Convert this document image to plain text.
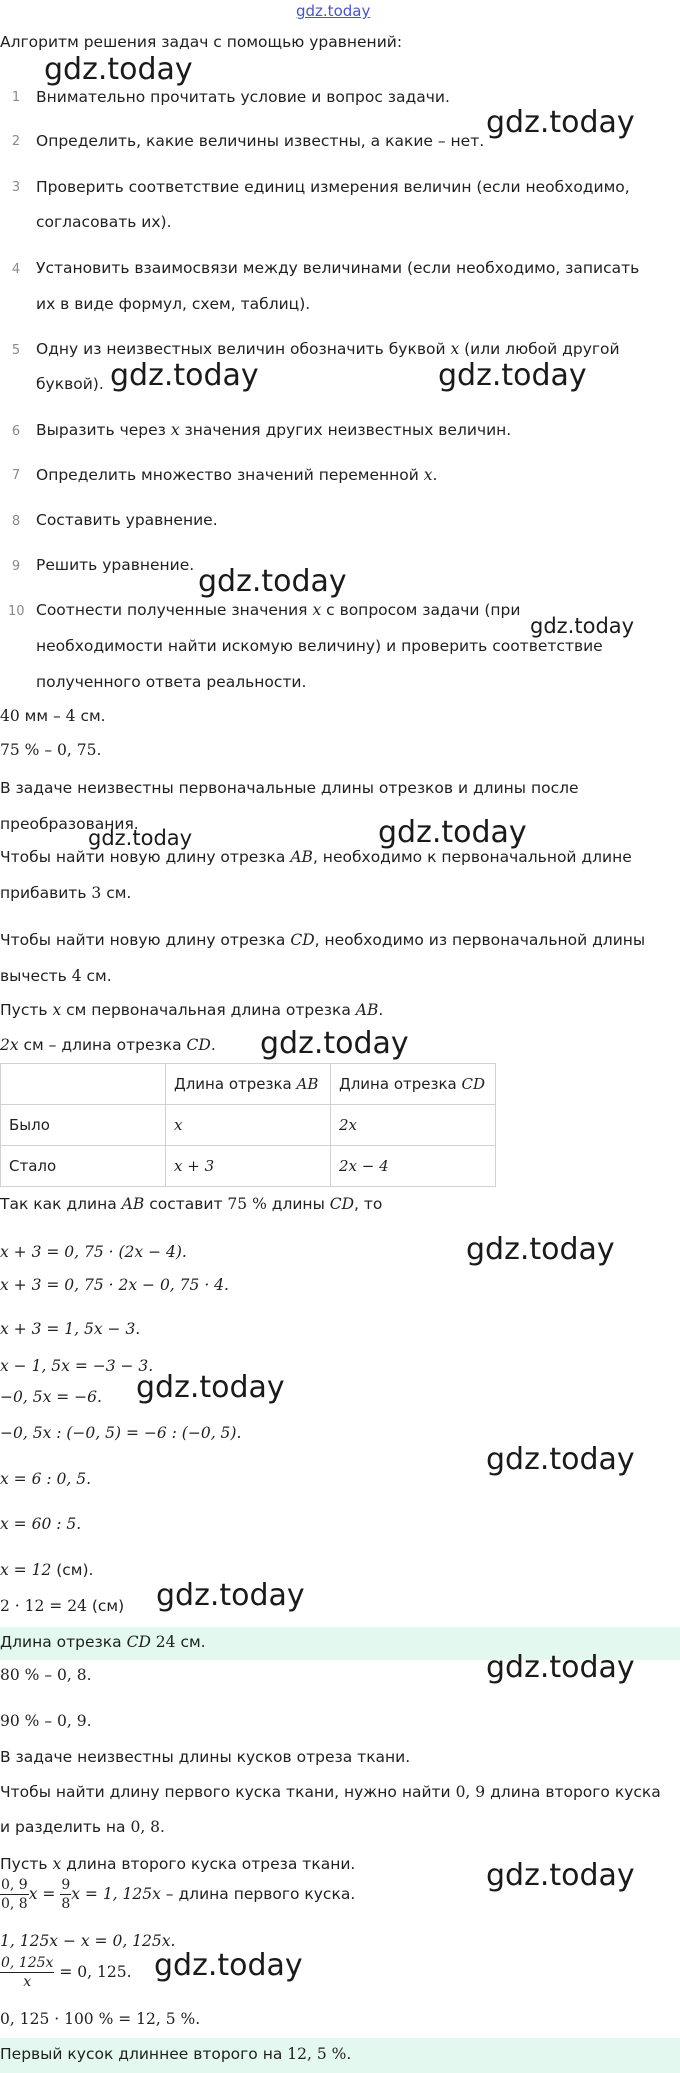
gdz.today
gdz.today
gdz.today
gdz.today	gdz.today
gdz.today
gdz.today
gdz.today	gdz.today
gdz.today
gdz.today
gdz.today
gdz.today
gdz.today
gdz.today
gdz.today
gdz.today
Алгоритм решения задач с помощью уравнений:
1 Внимательно прочитать условие и вопрос задачи.
2 Определить, какие величины известны, а какие – нет.
3 Проверить соответствие единиц измерения величин (если необходимо,
согласовать их).
4 Установить взаимосвязи между величинами (если необходимо, записать
их в виде формул, схем, таблиц).
5 Одну из неизвестных величин обозначить буквой x (или любой другой
буквой).
6 Выразить через x значения других неизвестных величин.
7 Определить множество значений переменной x.
8 Составить уравнение.
9 Решить уравнение.
10 Соотнести полученные значения x с вопросом задачи (при
необходимости найти искомую величину) и проверить соответствие
полученного ответа реальности.
40 мм – 4 см.
75 % – 0, 75.
В задаче неизвестны первоначальные длины отрезков и длины после
преобразования.
Чтобы найти новую длину отрезка AB, необходимо к первоначальной длине
прибавить 3 см.
Чтобы найти новую длину отрезка CD, необходимо из первоначальной длины
вычесть 4 см.
Пусть x см первоначальная длина отрезка AB.
2x см – длина отрезка CD.
	Длина отрезка AB	Длина отрезка CD
Было	x	2x
Стало	x + 3	2x − 4
Так как длина AB составит 75 % длины CD, то
x + 3 = 0, 75 · (2x − 4).
x + 3 = 0, 75 · 2x − 0, 75 · 4.
x + 3 = 1, 5x − 3.
x − 1, 5x = −3 − 3.
−0, 5x = −6.
−0, 5x : (−0, 5) = −6 : (−0, 5).
x = 6 : 0, 5.
x = 60 : 5.
x = 12 (см).
2 · 12 = 24 (см)
Длина отрезка CD 24 см.
80 % – 0, 8.
90 % – 0, 9.
В задаче неизвестны длины кусков отреза ткани.
Чтобы найти длину первого куска ткани, нужно найти 0, 9 длина второго куска
и разделить на 0, 8.
Пусть x длина второго куска отреза ткани.
$\frac{0, 9}{0, 8}$ $x = \frac{9}{8}$ x = 1, 125x – длина первого куска.
1, 125x − x = 0, 125x.
$\frac{0, 125x}{x} = 0$, 125.
0, 125 · 100 % = 12, 5 %.
Первый кусок длиннее второго на 12, 5 %.
